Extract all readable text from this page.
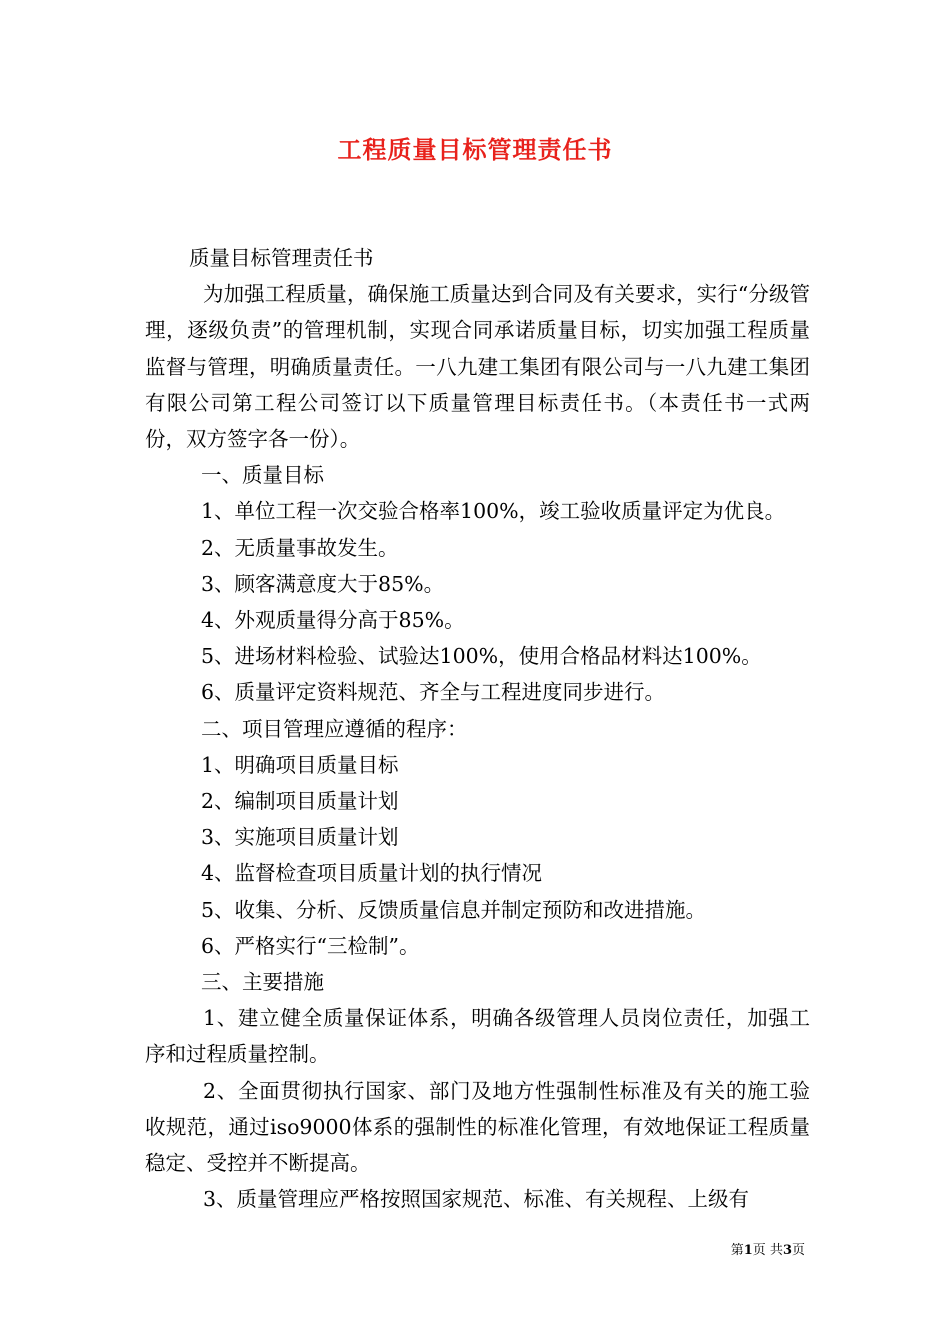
工程质量目标管理责任书

质量目标管理责任书

为加强工程质量，确保施工质量达到合同及有关要求，实行“分级管理，逐级负责”的管理机制，实现合同承诺质量目标，切实加强工程质量监督与管理，明确质量责任。一八九建工集团有限公司与一八九建工集团有限公司第工程公司签订以下质量管理目标责任书。（本责任书一式两份，双方签字各一份）。

一、质量目标

1、单位工程一次交验合格率100%，竣工验收质量评定为优良。

2、无质量事故发生。

3、顾客满意度大于85%。

4、外观质量得分高于85%。

5、进场材料检验、试验达100%，使用合格品材料达100%。

6、质量评定资料规范、齐全与工程进度同步进行。

二、项目管理应遵循的程序：

1、明确项目质量目标

2、编制项目质量计划

3、实施项目质量计划

4、监督检查项目质量计划的执行情况

5、收集、分析、反馈质量信息并制定预防和改进措施。

6、严格实行“三检制”。

三、主要措施

1、建立健全质量保证体系，明确各级管理人员岗位责任，加强工序和过程质量控制。

2、全面贯彻执行国家、部门及地方性强制性标准及有关的施工验收规范，通过iso9000体系的强制性的标准化管理，有效地保证工程质量稳定、受控并不断提高。

3、质量管理应严格按照国家规范、标准、有关规程、上级有

第1页 共3页
